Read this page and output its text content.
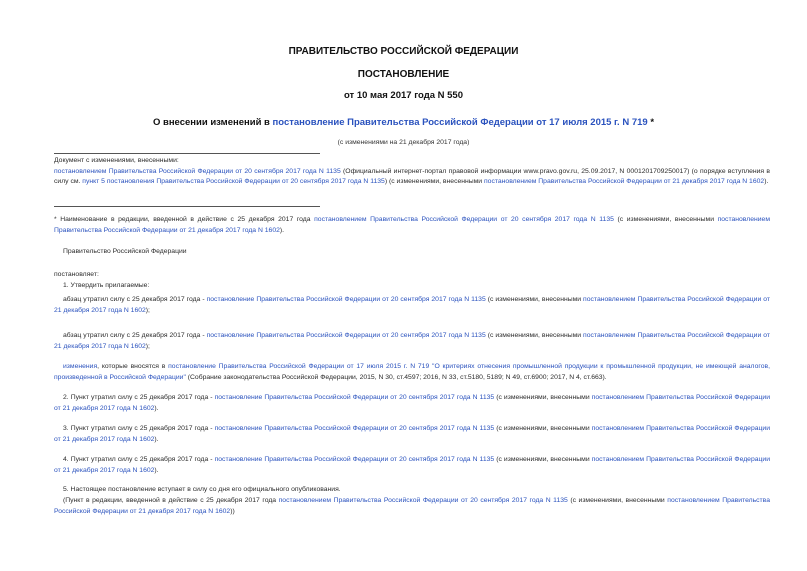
ПРАВИТЕЛЬСТВО РОССИЙСКОЙ ФЕДЕРАЦИИ
ПОСТАНОВЛЕНИЕ
от 10 мая 2017 года N 550
О внесении изменений в постановление Правительства Российской Федерации от 17 июля 2015 г. N 719 *
(с изменениями на 21 декабря 2017 года)
Документ с изменениями, внесенными:
постановлением Правительства Российской Федерации от 20 сентября 2017 года N 1135 (Официальный интернет-портал правовой информации www.pravo.gov.ru, 25.09.2017, N 0001201709250017) (о порядке вступления в силу см. пункт 5 постановления Правительства Российской Федерации от 20 сентября 2017 года N 1135) (с изменениями, внесенными постановлением Правительства Российской Федерации от 21 декабря 2017 года N 1602).
* Наименование в редакции, введенной в действие с 25 декабря 2017 года постановлением Правительства Российской Федерации от 20 сентября 2017 года N 1135 (с изменениями, внесенными постановлением Правительства Российской Федерации от 21 декабря 2017 года N 1602).
Правительство Российской Федерации
постановляет:
1. Утвердить прилагаемые:
абзац утратил силу с 25 декабря 2017 года - постановление Правительства Российской Федерации от 20 сентября 2017 года N 1135 (с изменениями, внесенными постановлением Правительства Российской Федерации от 21 декабря 2017 года N 1602);
абзац утратил силу с 25 декабря 2017 года - постановление Правительства Российской Федерации от 20 сентября 2017 года N 1135 (с изменениями, внесенными постановлением Правительства Российской Федерации от 21 декабря 2017 года N 1602);
изменения, которые вносятся в постановление Правительства Российской Федерации от 17 июля 2015 г. N 719 "О критериях отнесения промышленной продукции к промышленной продукции, не имеющей аналогов, произведенной в Российской Федерации" (Собрание законодательства Российской Федерации, 2015, N 30, ст.4597; 2016, N 33, ст.5180, 5189; N 49, ст.6900; 2017, N 4, ст.663).
2. Пункт утратил силу с 25 декабря 2017 года - постановление Правительства Российской Федерации от 20 сентября 2017 года N 1135 (с изменениями, внесенными постановлением Правительства Российской Федерации от 21 декабря 2017 года N 1602).
3. Пункт утратил силу с 25 декабря 2017 года - постановление Правительства Российской Федерации от 20 сентября 2017 года N 1135 (с изменениями, внесенными постановлением Правительства Российской Федерации от 21 декабря 2017 года N 1602).
4. Пункт утратил силу с 25 декабря 2017 года - постановление Правительства Российской Федерации от 20 сентября 2017 года N 1135 (с изменениями, внесенными постановлением Правительства Российской Федерации от 21 декабря 2017 года N 1602).
5. Настоящее постановление вступает в силу со дня его официального опубликования.
(Пункт в редакции, введенной в действие с 25 декабря 2017 года постановлением Правительства Российской Федерации от 20 сентября 2017 года N 1135 (с изменениями, внесенными постановлением Правительства Российской Федерации от 21 декабря 2017 года N 1602))
